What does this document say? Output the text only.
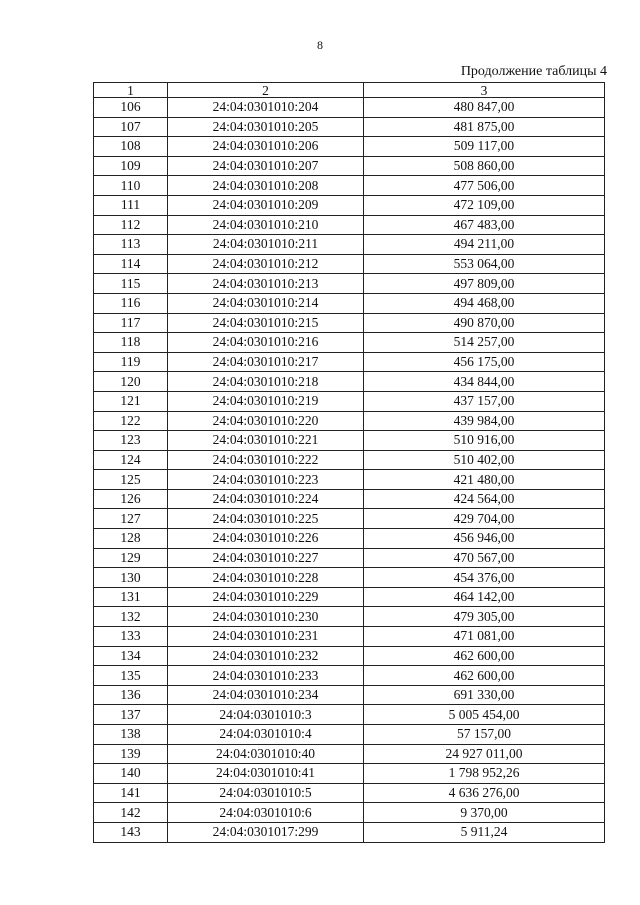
8
Продолжение таблицы 4
1	2	3
106	24:04:0301010:204	480 847,00
107	24:04:0301010:205	481 875,00
108	24:04:0301010:206	509 117,00
109	24:04:0301010:207	508 860,00
110	24:04:0301010:208	477 506,00
111	24:04:0301010:209	472 109,00
112	24:04:0301010:210	467 483,00
113	24:04:0301010:211	494 211,00
114	24:04:0301010:212	553 064,00
115	24:04:0301010:213	497 809,00
116	24:04:0301010:214	494 468,00
117	24:04:0301010:215	490 870,00
118	24:04:0301010:216	514 257,00
119	24:04:0301010:217	456 175,00
120	24:04:0301010:218	434 844,00
121	24:04:0301010:219	437 157,00
122	24:04:0301010:220	439 984,00
123	24:04:0301010:221	510 916,00
124	24:04:0301010:222	510 402,00
125	24:04:0301010:223	421 480,00
126	24:04:0301010:224	424 564,00
127	24:04:0301010:225	429 704,00
128	24:04:0301010:226	456 946,00
129	24:04:0301010:227	470 567,00
130	24:04:0301010:228	454 376,00
131	24:04:0301010:229	464 142,00
132	24:04:0301010:230	479 305,00
133	24:04:0301010:231	471 081,00
134	24:04:0301010:232	462 600,00
135	24:04:0301010:233	462 600,00
136	24:04:0301010:234	691 330,00
137	24:04:0301010:3	5 005 454,00
138	24:04:0301010:4	57 157,00
139	24:04:0301010:40	24 927 011,00
140	24:04:0301010:41	1 798 952,26
141	24:04:0301010:5	4 636 276,00
142	24:04:0301010:6	9 370,00
143	24:04:0301017:299	5 911,24
